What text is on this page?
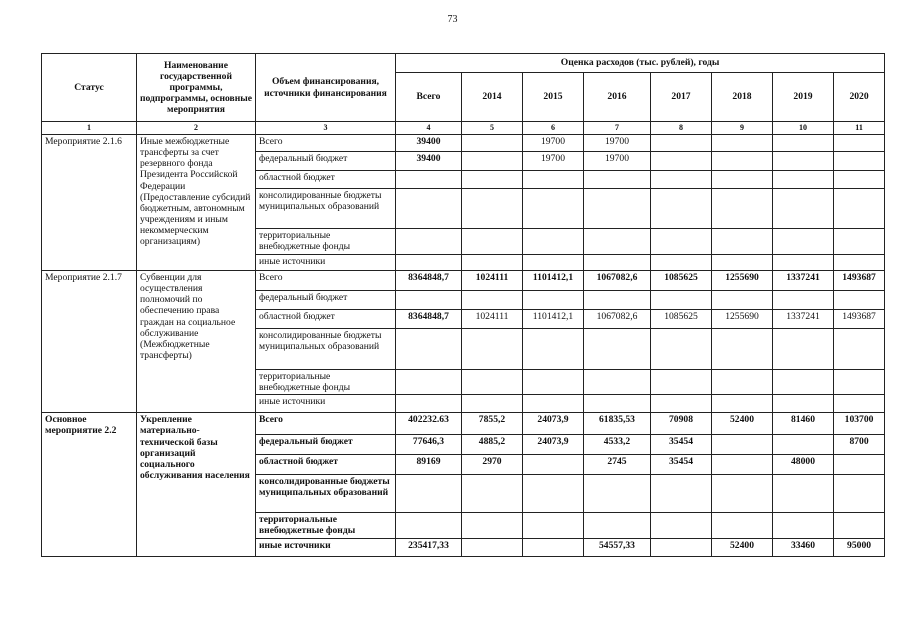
73
Статус	Наименование государственной программы, подпрограммы, основные мероприятия	Объем финансирования, источники финансирования	Оценка расходов (тыс. рублей), годы							
			Всего	2014	2015	2016	2017	2018	2019	2020
1	2	3	4	5	6	7	8	9	10	11
Мероприятие 2.1.6	Иные межбюджетные трансферты за счет резервного фонда Президента Российской Федерации (Предоставление субсидий бюджетным, автономным учреждениям и иным некоммерческим организациям)	Всего	39400		19700	19700				
		федеральный бюджет	39400		19700	19700				
		областной бюджет								
		консолидированные бюджеты муниципальных образований								
		территориальные внебюджетные фонды								
		иные источники								
Мероприятие 2.1.7	Субвенции для осуществления полномочий по обеспечению права граждан на социальное обслуживание (Межбюджетные трансферты)	Всего	8364848,7	1024111	1101412,1	1067082,6	1085625	1255690	1337241	1493687
		федеральный бюджет								
		областной бюджет	8364848,7	1024111	1101412,1	1067082,6	1085625	1255690	1337241	1493687
		консолидированные бюджеты муниципальных образований								
		территориальные внебюджетные фонды								
		иные источники								
Основное мероприятие 2.2	Укрепление материально-технической базы организаций социального обслуживания населения	Всего	402232.63	7855,2	24073,9	61835,53	70908	52400	81460	103700
		федеральный бюджет	77646,3	4885,2	24073,9	4533,2	35454			8700
		областной бюджет	89169	2970		2745	35454		48000	
		консолидированные бюджеты муниципальных образований								
		территориальные внебюджетные фонды								
		иные источники	235417,33			54557,33		52400	33460	95000
